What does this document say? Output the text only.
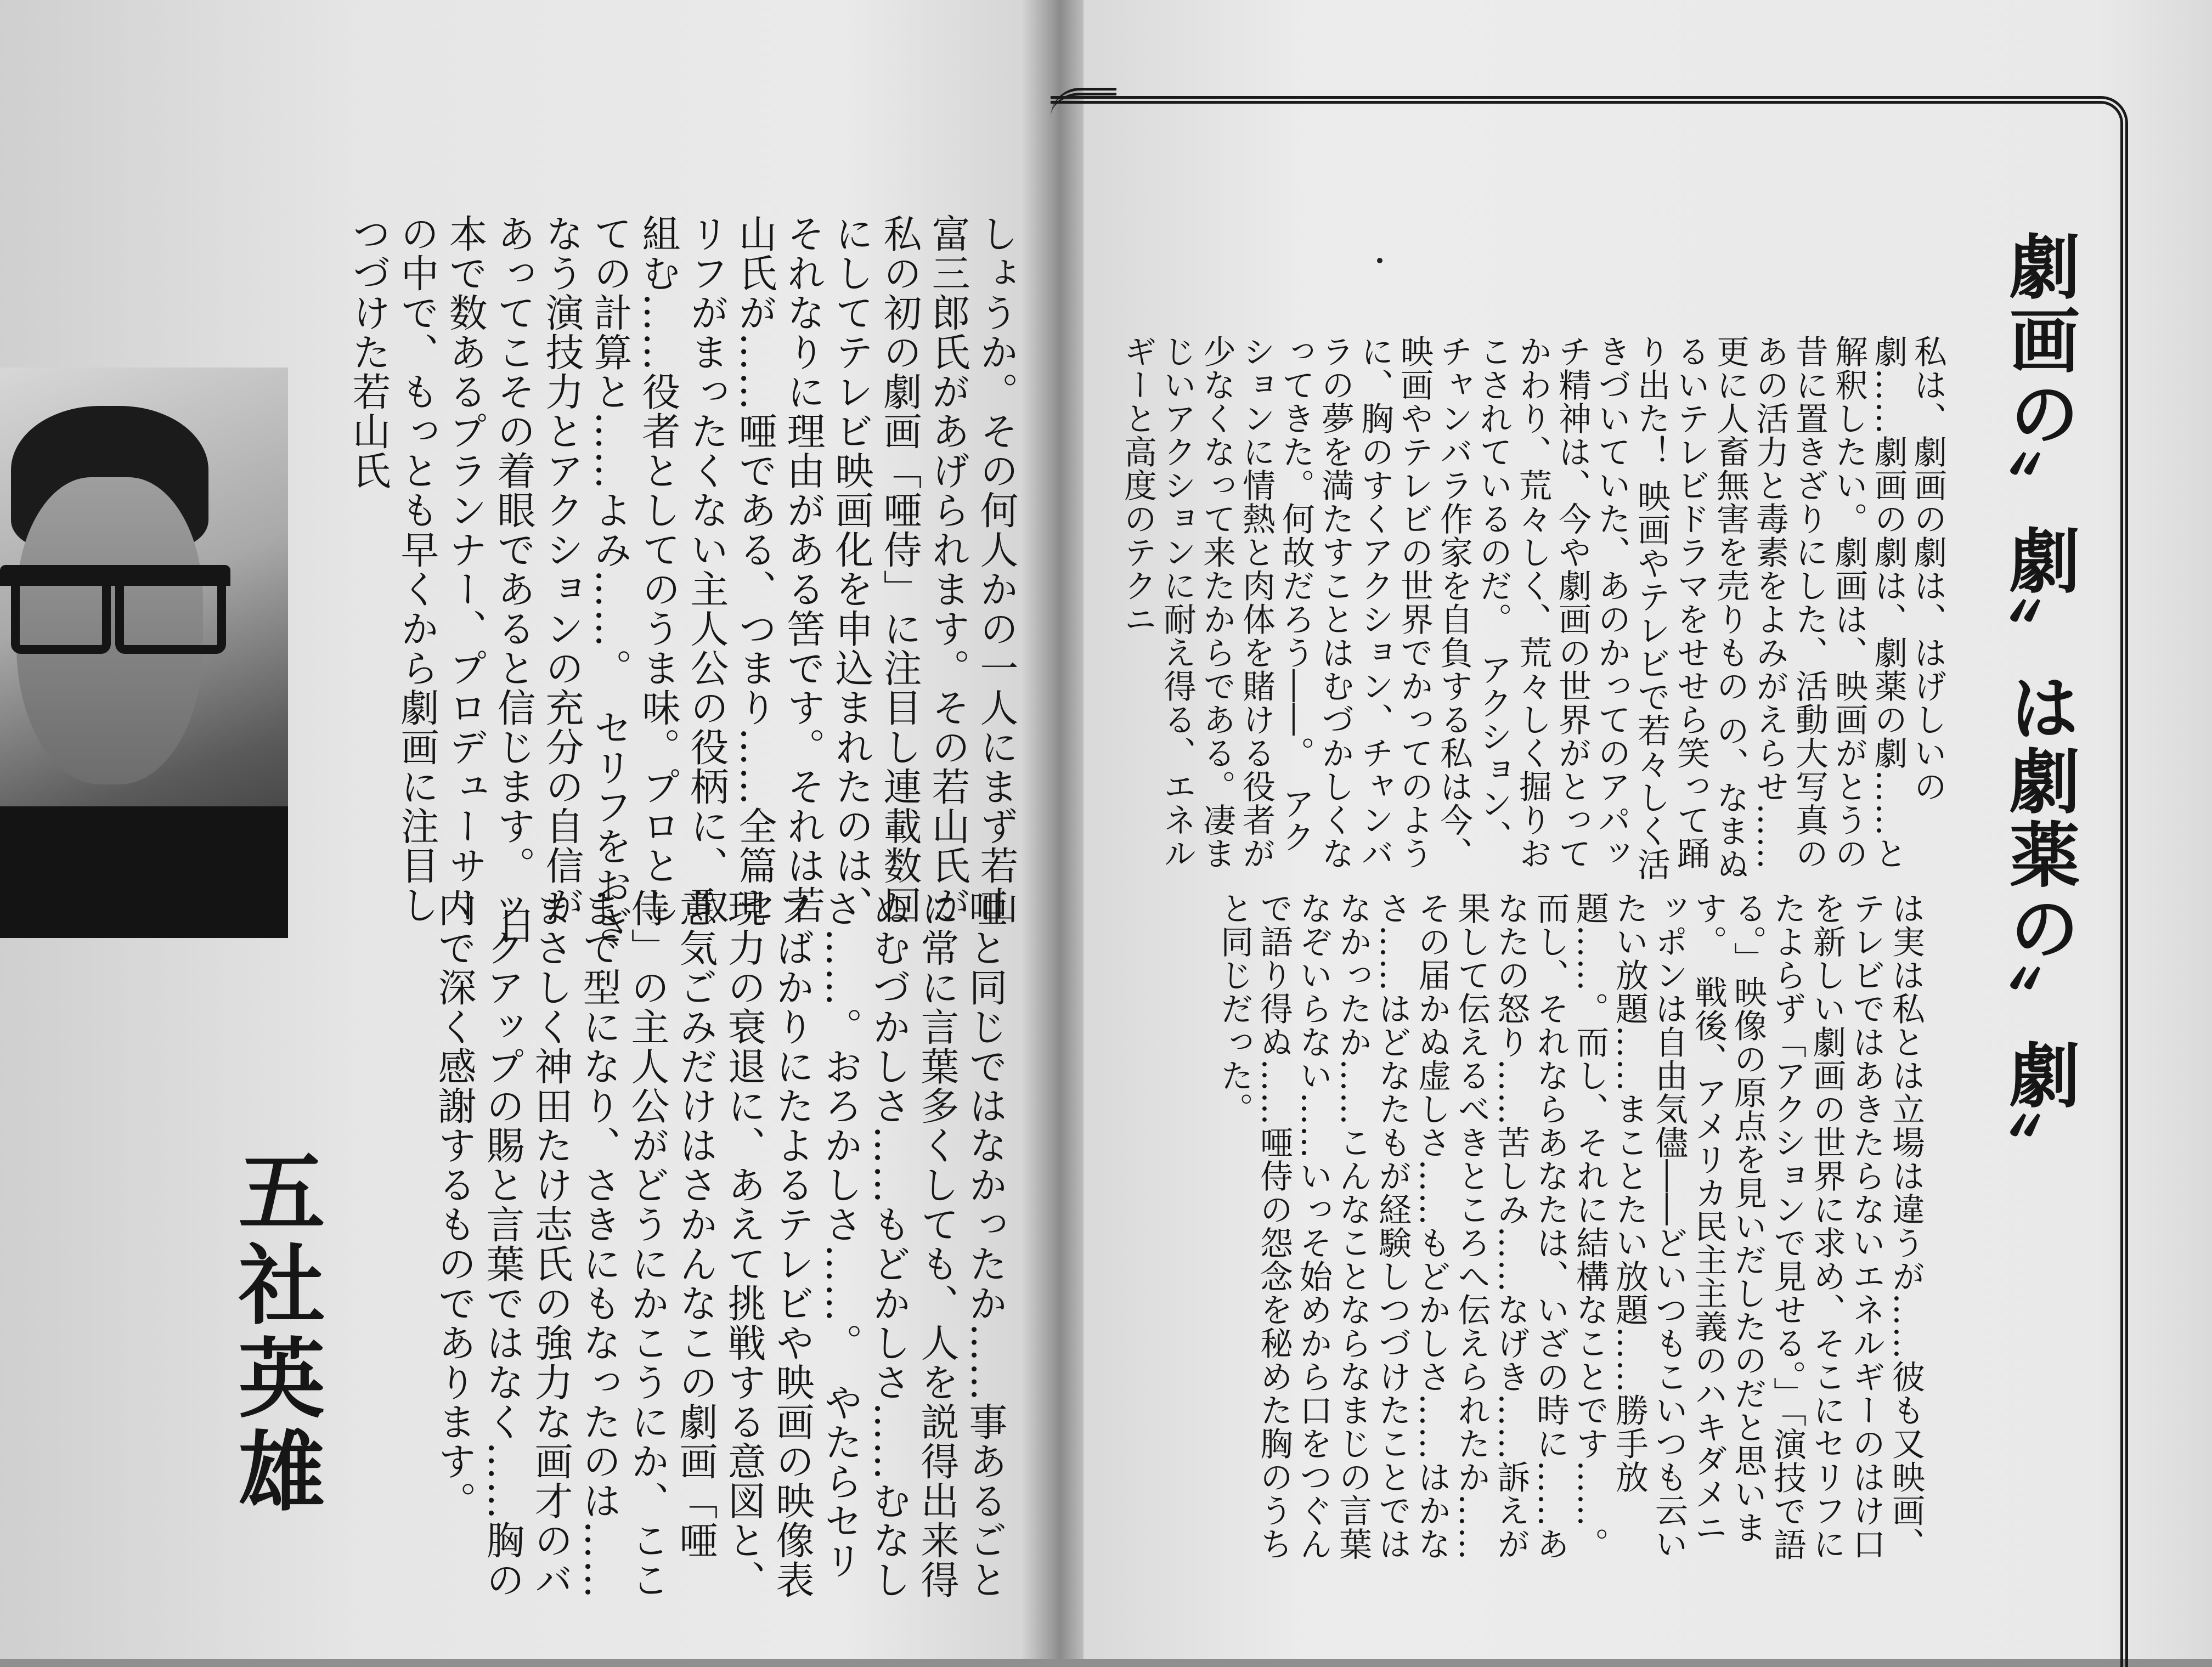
劇画の〟劇〟は劇薬の〟劇〟
私は、劇画の劇は、はげしいの劇……劇画の劇は、劇薬の劇……と解釈したい。劇画は、映画がとうの昔に置きざりにした、活動大写真のあの活力と毒素をよみがえらせ……更に人畜無害を売りもの の、なまぬるいテレビドラマをせせら笑って踊り出た！ 映画やテレビで若々しく活きづいていた、あのかってのアパッチ精神は、今や劇画の世界がとってかわり、荒々しく、荒々しく掘りおこされているのだ。　アクション、チャンバラ作家を自負する私は今、映画やテレビの世界でかってのように、胸のすくアクション、チャンバラの夢を満たすことはむづかしくなってきた。何故だろう――。　アクションに情熱と肉体を賭ける役者が少なくなって来たからである。凄まじいアクションに耐え得る、エネルギーと高度のテクニ
は実は私とは立場は違うが……彼も又映画、テレビではあきたらないエネルギーのはけ口を新しい劇画の世界に求め、そこにセリフにたよらず「アクションで見せる。」「演技で語る。」映像の原点を見いだしたのだと思います。　戦後、アメリカ民主主義のハキダメニッポンは自由気儘――どいつもこいつも云いたい放題……まことたい放題……勝手放題……。而し、それに結構なことです……。而し、それならあなたは、いざの時に……あなたの怒り……苦しみ……なげき……訴えが果して伝えるべきところへ伝えられたか……その届かぬ虚しさ……もどかしさ……はかなさ……はどなたもが経験しつづけたことではなかったか……こんなことならなまじの言葉なぞいらない……いっそ始めから口をつぐんで語り得ぬ……唖侍の怨念を秘めた胸のうちと同じだった。
しょうか。その何人かの一人にまず若山富三郎氏があげられます。その若山氏が私の初の劇画「唖侍」に注目し連載数回にしてテレビ映画化を申込まれたのは、それなりに理由がある筈です。それは若山氏が……唖である、つまり……全篇セリフがまったくない主人公の役柄に、取組む……役者としてのうま味。プロとしての計算と……よみ……。　セリフをおぎなう演技力とアクションの充分の自信があってこその着眼であると信じます。　日本で数あるプランナー、プロデューサーの中で、もっとも早くから劇画に注目しつづけた若山氏
唖と同じではなかったか……事あるごとに常に言葉多くしても、人を説得出来得ぬむづかしさ……もどかしさ……むなしさ……。おろかしさ……。　やたらセリフばかりにたよるテレビや映画の映像表現力の衰退に、あえて挑戦する意図と、意気ごみだけはさかんなこの劇画「唖侍」の主人公がどうにかこうにか、ここまで型になり、さきにもなったのは……まさしく神田たけ志氏の強力な画才のバックアップの賜と言葉ではなく……胸の内で深く感謝するものであります。
五社英雄
